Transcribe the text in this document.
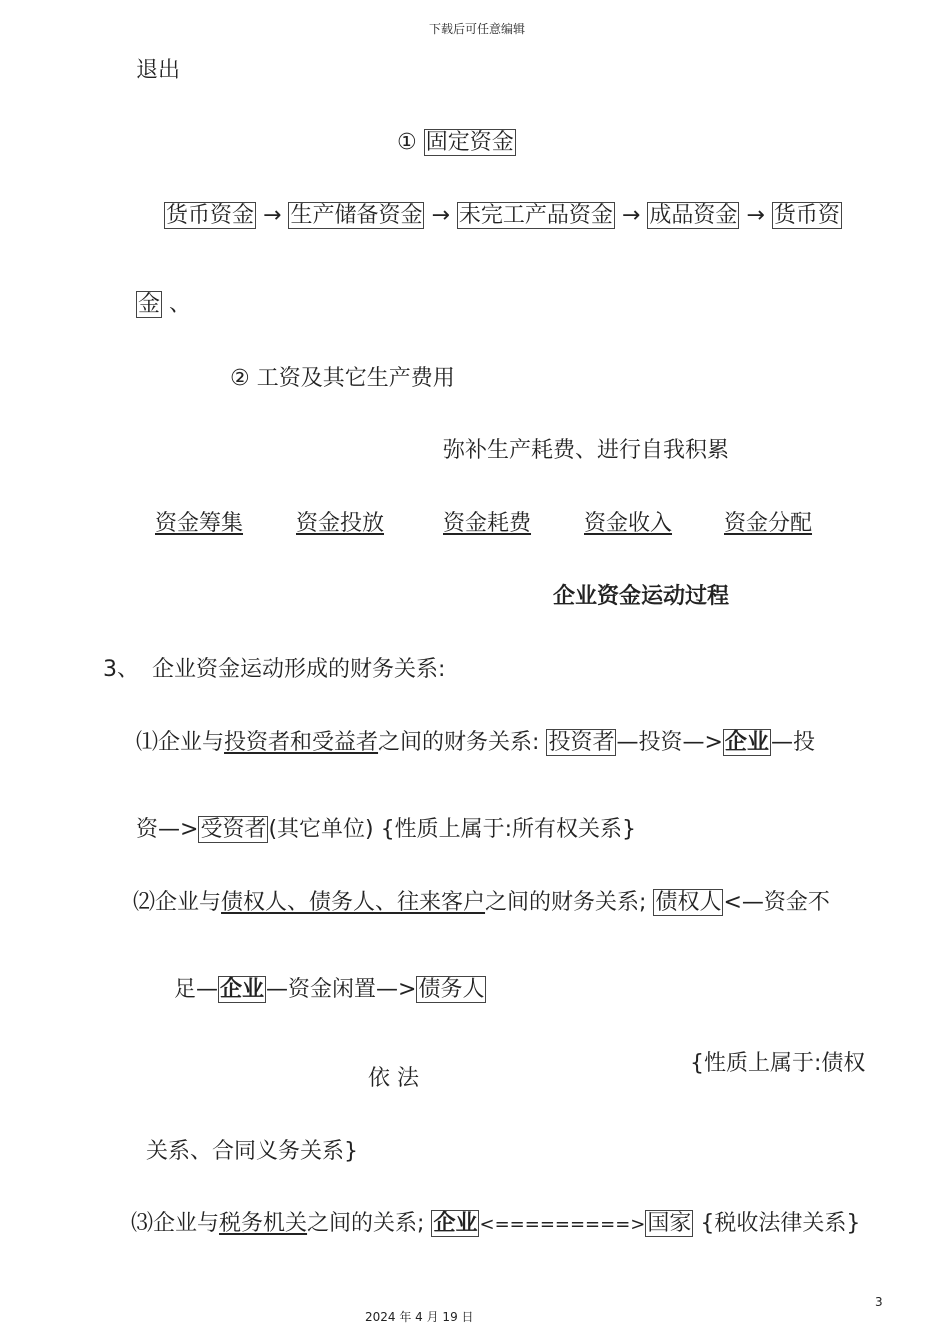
下载后可任意编辑
退出
① 固定资金
货币资金 → 生产储备资金 → 未完工产品资金 → 成品资金 → 货币资
金 、
② 工资及其它生产费用
弥补生产耗费、进行自我积累
资金筹集 资金投放	资金耗费 资金收入 资金分配
企业资金运动过程
3、 企业资金运动形成的财务关系:
⑴企业与投资者和受益者之间的财务关系: 投资者—投资—>企业—投
资—>受资者(其它单位) {性质上属于:所有权关系}
⑵企业与债权人、债务人、往来客户之间的财务关系; 债权人<—资金不
足—企业—资金闲置—>债务人
依 法
{性质上属于:债权
关系、合同义务关系}
⑶企业与税务机关之间的关系; 企业 <=========>国家 {税收法律关系}
3
2024 年 4 月 19 日
